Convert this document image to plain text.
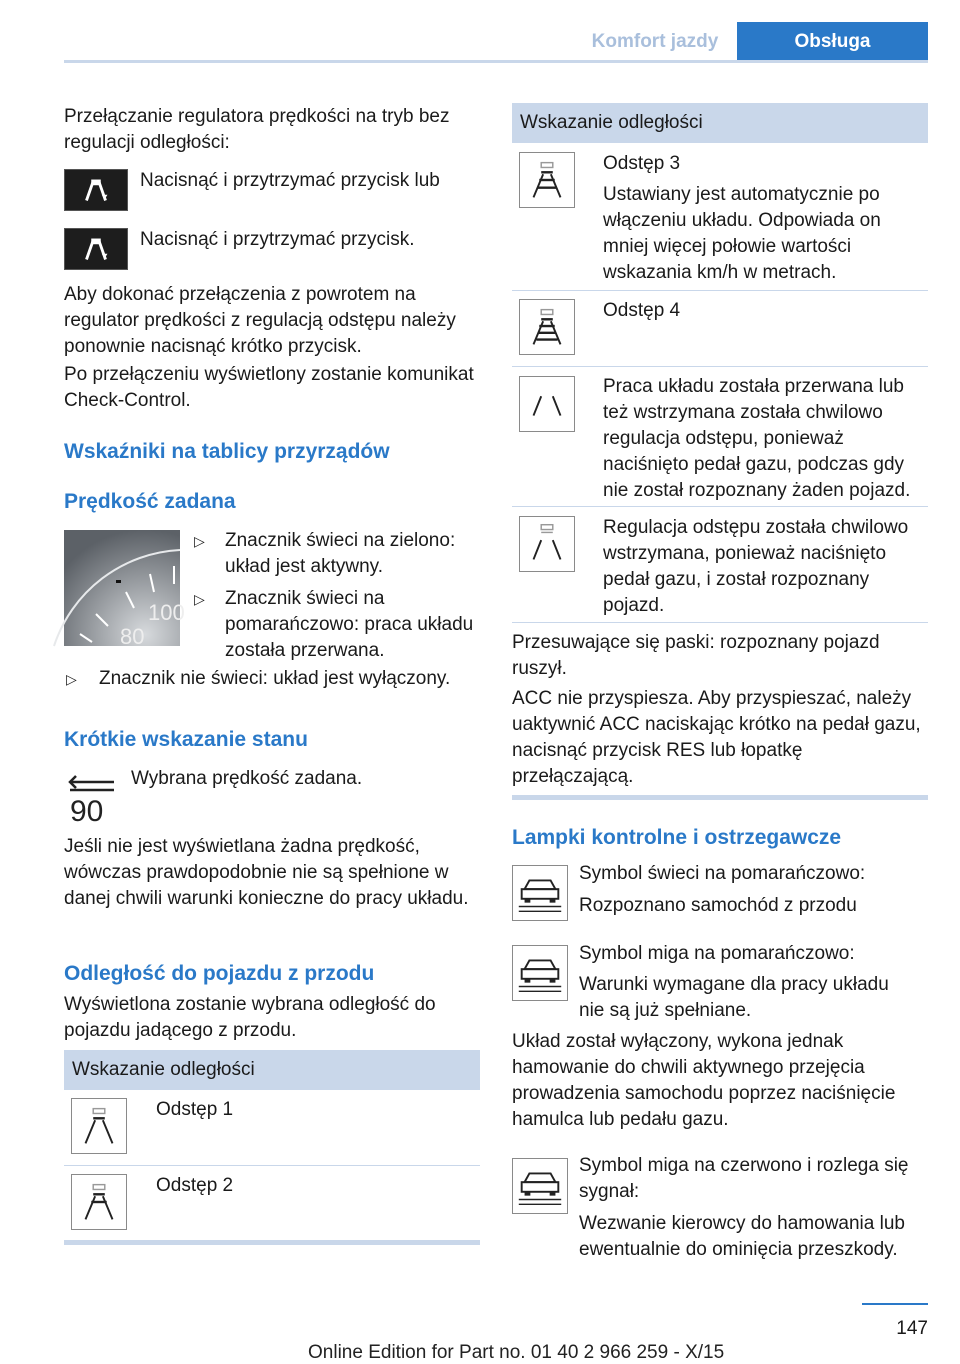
Komfort jazdy	Obsługa

Przełączanie regulatora prędkości na tryb bez regulacji odległości:

Nacisnąć i przytrzymać przycisk lub

Nacisnąć i przytrzymać przycisk.

Aby dokonać przełączenia z powrotem na regulator prędkości z regulacją odstępu należy ponownie nacisnąć krótko przycisk.

Po przełączeniu wyświetlony zostanie komunikat Check-Control.

Wskaźniki na tablicy przyrządów
Prędkość zadana
100
80
▷ Znacznik świeci na zielono: układ jest aktywny.

▷ Znacznik świeci na pomarańczowo: praca układu została przerwana.

▷ Znacznik nie świeci: układ jest wyłączony.

Krótkie wskazanie stanu
90

Wybrana prędkość zadana.

Jeśli nie jest wyświetlana żadna prędkość, wówczas prawdopodobnie nie są spełnione w danej chwili warunki konieczne do pracy układu.

Odległość do pojazdu z przodu

Wyświetlona zostanie wybrana odległość do pojazdu jadącego z przodu.

Wskazanie odległości

Odstęp 1

Odstęp 2

Wskazanie odległości

Odstęp 3

Ustawiany jest automatycznie po włączeniu układu. Odpowiada on mniej więcej połowie wartości wskazania km/h w metrach.

Odstęp 4

Praca układu została przerwana lub też wstrzymana została chwilowo regulacja odstępu, ponieważ naciśnięto pedał gazu, podczas gdy nie został rozpoznany żaden pojazd.

Regulacja odstępu została chwilowo wstrzymana, ponieważ naciśnięto pedał gazu, i został rozpoznany pojazd.

Przesuwające się paski: rozpoznany pojazd ruszył.

ACC nie przyspiesza. Aby przyspieszać, należy uaktywnić ACC naciskając krótko na pedał gazu, nacisnąć przycisk RES lub łopatkę przełączającą.

Lampki kontrolne i ostrzegawcze

Symbol świeci na pomarańczowo:

Rozpoznano samochód z przodu

Symbol miga na pomarańczowo:

Warunki wymagane dla pracy układu nie są już spełniane.

Układ został wyłączony, wykona jednak hamowanie do chwili aktywnego przejęcia prowadzenia samochodu poprzez naciśnięcie hamulca lub pedału gazu.

Symbol miga na czerwono i rozlega się sygnał:

Wezwanie kierowcy do hamowania lub ewentualnie do ominięcia przeszkody.

147
Online Edition for Part no. 01 40 2 966 259 - X/15
